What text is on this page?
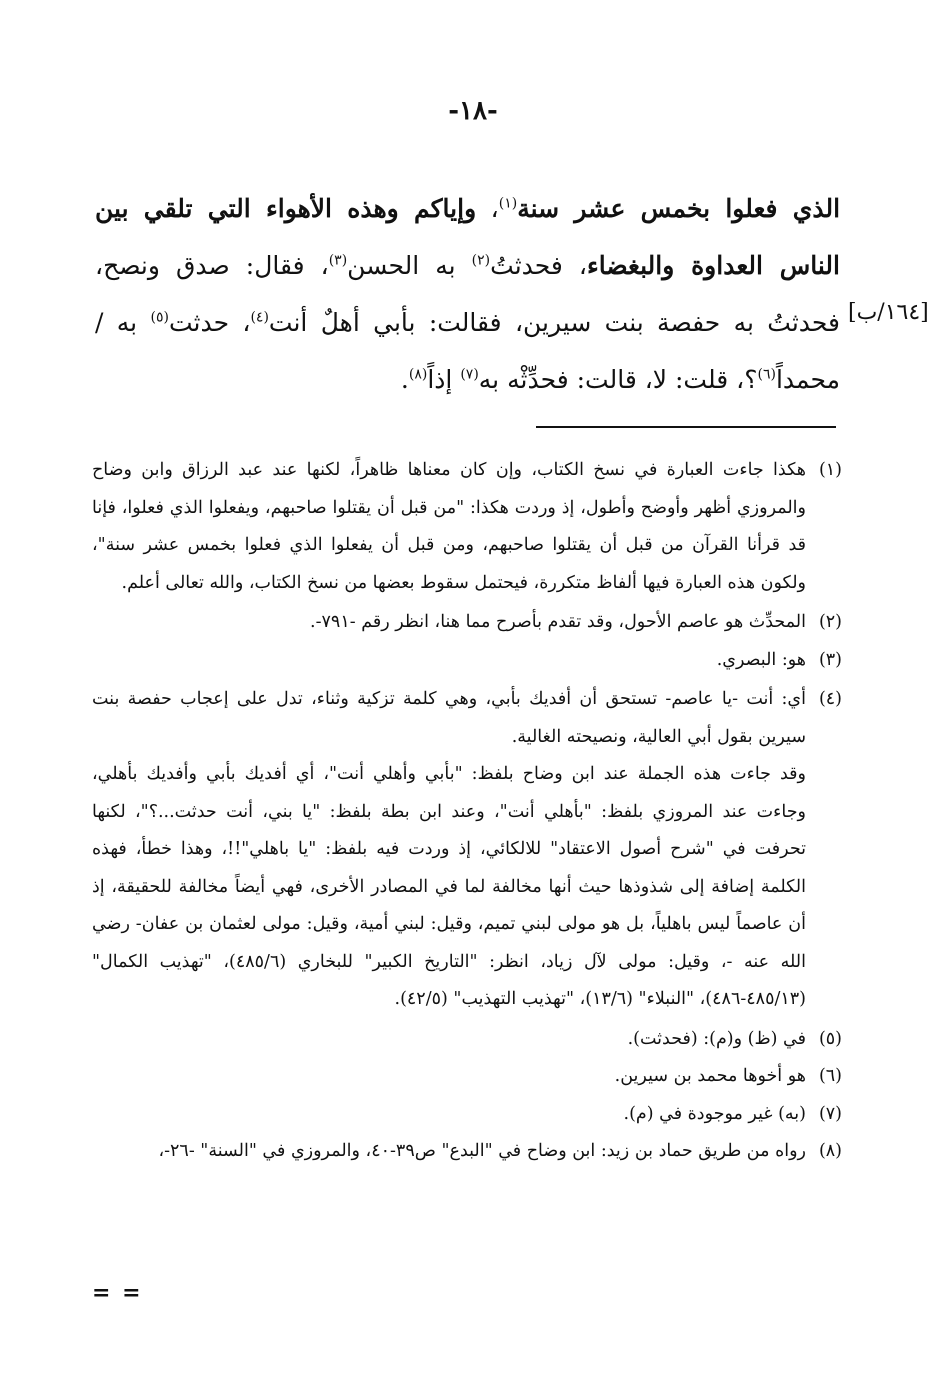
-١٨-
[١٦٤/ب]

الذي فعلوا بخمس عشر سنة$^{(١)}$، وإياكم وهذه الأهواء التي تلقي بين الناس العداوة والبغضاء، فحدثتُ$^{(٢)}$ به الحسن$^{(٣)}$، فقال: صدق ونصح، فحدثتُ به حفصة بنت سيرين، فقالت: بأبي أهلٌ أنت$^{(٤)}$، حدثت$^{(٥)}$ به / محمداً$^{(٦)}$؟، قلت: لا، قالت: فحدِّثْه به$^{(٧)}$ إذاً$^{(٨)}$.

(١)
هكذا جاءت العبارة في نسخ الكتاب، وإن كان معناها ظاهراً، لكنها عند عبد الرزاق وابن وضاح والمروزي أظهر وأوضح وأطول، إذ وردت هكذا: "من قبل أن يقتلوا صاحبهم، ويفعلوا الذي فعلوا، فإنا قد قرأنا القرآن من قبل أن يقتلوا صاحبهم، ومن قبل أن يفعلوا الذي فعلوا بخمس عشر سنة"، ولكون هذه العبارة فيها ألفاظ متكررة، فيحتمل سقوط بعضها من نسخ الكتاب، والله تعالى أعلم.

(٢)
المحدِّث هو عاصم الأحول، وقد تقدم بأصرح مما هنا، انظر رقم -٧٩١-.

(٣)
هو: البصري.

(٤)
أي: أنت -يا عاصم- تستحق أن أفديك بأبي، وهي كلمة تزكية وثناء، تدل على إعجاب حفصة بنت سيرين بقول أبي العالية، ونصيحته الغالية.

وقد جاءت هذه الجملة عند ابن وضاح بلفظ: "بأبي وأهلي أنت"، أي أفديك بأبي وأفديك بأهلي، وجاءت عند المروزي بلفظ: "بأهلي أنت"، وعند ابن بطة بلفظ: "يا بني، أنت حدثت...؟"، لكنها تحرفت في "شرح أصول الاعتقاد" للالكائي، إذ وردت فيه بلفظ: "يا باهلي"!!، وهذا خطأ، فهذه الكلمة إضافة إلى شذوذها حيث أنها مخالفة لما في المصادر الأخرى، فهي أيضاً مخالفة للحقيقة، إذ أن عاصماً ليس باهلياً، بل هو مولى لبني تميم، وقيل: لبني أمية، وقيل: مولى لعثمان بن عفان- رضي الله عنه -، وقيل: مولى لآل زياد، انظر: "التاريخ الكبير" للبخاري (٤٨٥/٦)، "تهذيب الكمال" (٤٨٥/١٣-٤٨٦)، "النبلاء" (١٣/٦)، "تهذيب التهذيب" (٤٢/٥).

(٥)
في (ظ) و(م): (فحدثت).

(٦)
هو أخوها محمد بن سيرين.

(٧)
(به) غير موجودة في (م).

(٨)
رواه من طريق حماد بن زيد: ابن وضاح في "البدع" ص٣٩-٤٠، والمروزي في "السنة" -٢٦-،

= =
